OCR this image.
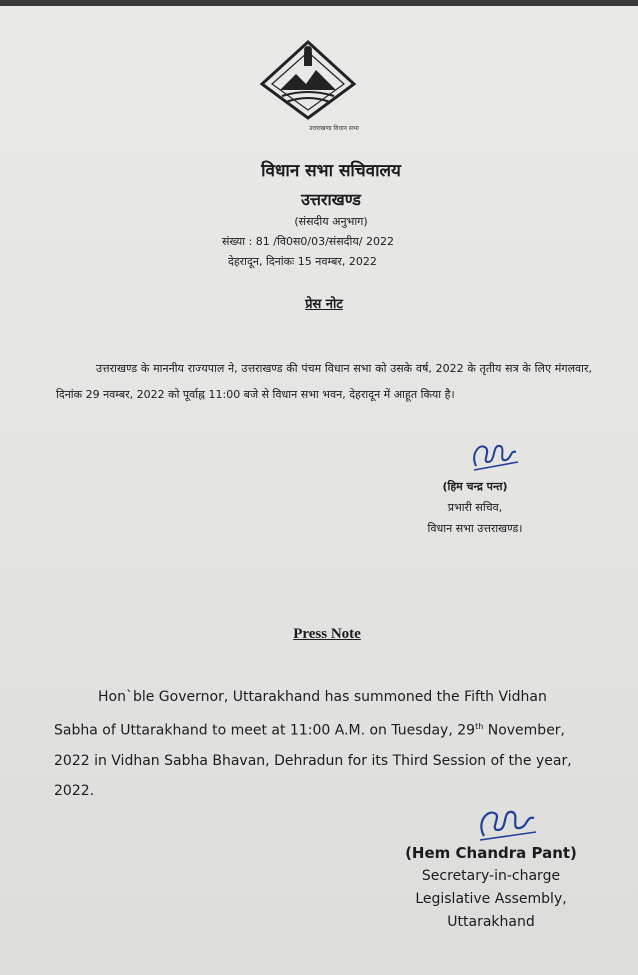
उत्तराखण्ड विधान सभा
विधान सभा सचिवालय
उत्तराखण्ड
(संसदीय अनुभाग)
संख्या : 81 /वि0स0/03/संसदीय/ 2022
देहरादून, दिनांकः 15 नवम्बर, 2022
प्रेस नोट
उत्तराखण्ड के माननीय राज्यपाल ने, उत्तराखण्ड की पंचम विधान सभा को उसके वर्ष, 2022 के तृतीय सत्र के लिए मंगलवार, दिनांक 29 नवम्बर, 2022 को पूर्वाह्न 11:00 बजे से विधान सभा भवन, देहरादून में आहूत किया है।
(हिम चन्द्र पन्त)
प्रभारी सचिव,
विधान सभा उत्तराखण्ड।
Press Note
Hon`ble Governor, Uttarakhand has summoned the Fifth Vidhan Sabha of Uttarakhand to meet at 11:00 A.M. on Tuesday, 29th November, 2022 in Vidhan Sabha Bhavan, Dehradun for its Third Session of the year, 2022.
(Hem Chandra Pant)
Secretary-in-charge
Legislative Assembly,
Uttarakhand
